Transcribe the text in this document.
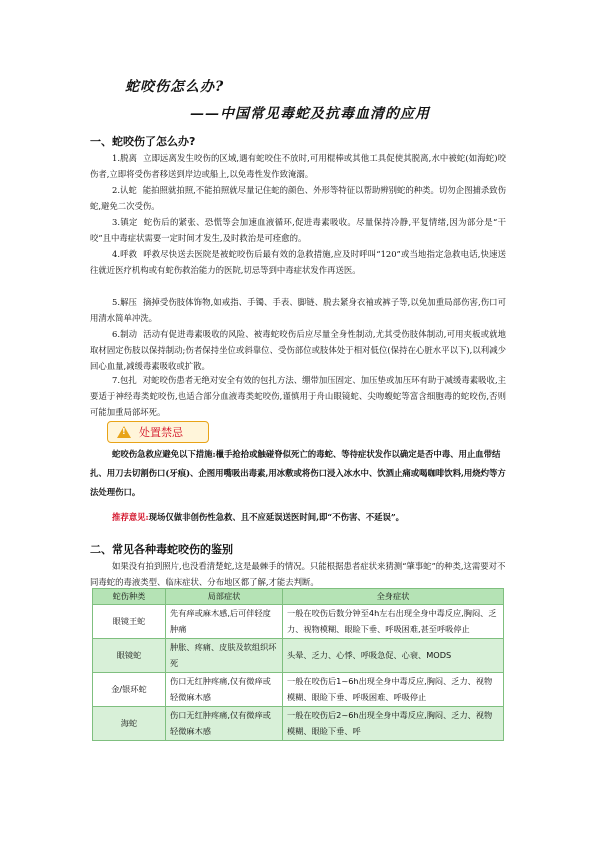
蛇咬伤怎么办?
——中国常见毒蛇及抗毒血清的应用
一、蛇咬伤了怎么办?
1.脱离 立即远离发生咬伤的区域,遇有蛇咬住不放时,可用棍棒或其他工具促使其脱离,水中被蛇(如海蛇)咬伤者,立即将受伤者移送到岸边或船上,以免毒性发作致淹溺。
2.认蛇 能拍照就拍照,不能拍照就尽量记住蛇的颜色、外形等特征以帮助辨别蛇的种类。切勿企图捕杀致伤蛇,避免二次受伤。
3.镇定 蛇伤后的紧张、恐慌等会加速血液循环,促进毒素吸收。尽量保持冷静,平复情绪,因为部分是“干咬”且中毒症状需要一定时间才发生,及时救治是可痊愈的。
4.呼救 呼救尽快送去医院是被蛇咬伤后最有效的急救措施,应及时呼叫“120”或当地指定急救电话,快速送往就近医疗机构或有蛇伤救治能力的医院,切忌等到中毒症状发作再送医。
5.解压 摘掉受伤肢体饰物,如戒指、手镯、手表、脚链、脱去紧身衣袖或裤子等,以免加重局部伤害,伤口可用清水简单冲洗。
6.制动 活动有促进毒素吸收的风险、被毒蛇咬伤后应尽量全身性制动,尤其受伤肢体制动,可用夹板或就地取材固定伤肢以保持制动;伤者保持坐位或斜靠位、受伤部位或肢体处于相对低位(保持在心脏水平以下),以利减少回心血量,减缓毒素吸收或扩散。
7.包扎 对蛇咬伤患者无绝对安全有效的包扎方法、绷带加压固定、加压垫或加压环有助于减缓毒素吸收,主要适于神经毒类蛇咬伤,也适合部分血液毒类蛇咬伤,谨慎用于舟山眼镜蛇、尖吻蝮蛇等富含细胞毒的蛇咬伤,否则可能加重局部坏死。
!
处置禁忌
蛇咬伤急救应避免以下措施:㯿手抢拾或触碰脊似死亡的毒蛇、等待症状发作以确定是否中毒、用止血带结扎、用刀去切割伤口(牙痕)、企图用嘴吸出毒素,用冰敷或将伤口浸入冰水中、饮酒止痛或喝咖啡饮料,用烧灼等方法处理伤口。
推荐意见:现场仅做非创伤性急救、且不应延误送医时间,即“不伤害、不延误”。
二、常见各种毒蛇咬伤的鉴别
如果没有拍到照片,也没看清楚蛇,这是最棘手的情况。只能根据患者症状来猜测“肇事蛇”的种类,这需要对不同毒蛇的毒液类型、临床症状、分布地区都了解,才能去判断。
蛇伤种类	局部症状	全身症状
眼镜王蛇	先有痒或麻木感,后可伴轻度肿痛	一般在咬伤后数分钟至4h左右出现全身中毒反应,胸闷、乏力、视物模糊、眼睑下垂、呼吸困难,甚至呼吸停止
眼镜蛇	肿胀、疼痛、皮肤及软组织坏死	头晕、乏力、心悸、呼吸急促、心衰、MODS
金/银环蛇	伤口无红肿疼痛,仅有微痒或轻微麻木感	一般在咬伤后1~6h出现全身中毒反应,胸闷、乏力、视物模糊、眼睑下垂、呼吸困难、呼吸停止
海蛇	伤口无红肿疼痛,仅有微痒或轻微麻木感	一般在咬伤后2~6h出现全身中毒反应,胸闷、乏力、视物模糊、眼睑下垂、呼
